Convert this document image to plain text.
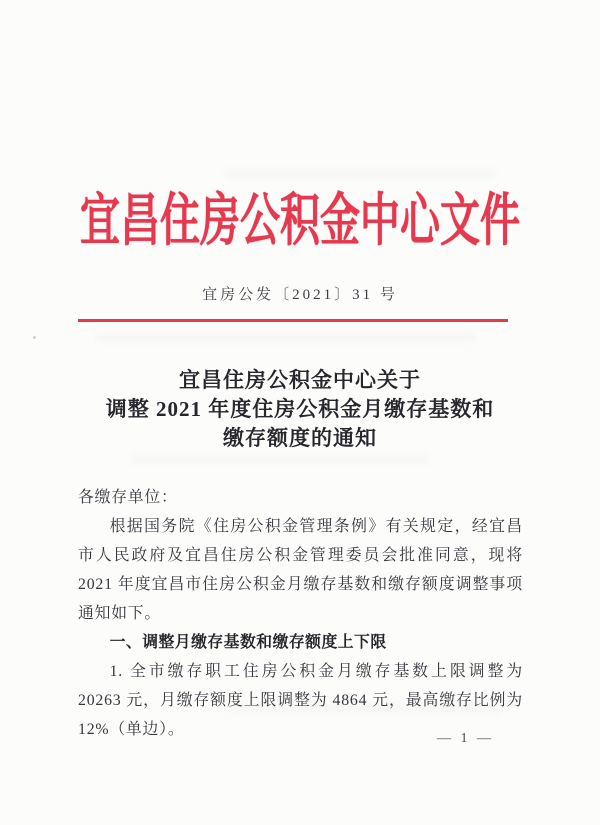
宜昌住房公积金中心文件
宜房公发〔2021〕31 号
宜昌住房公积金中心关于
调整 2021 年度住房公积金月缴存基数和
缴存额度的通知

各缴存单位：

根据国务院《住房公积金管理条例》有关规定，经宜昌市人民政府及宜昌住房公积金管理委员会批准同意，现将 2021 年度宜昌市住房公积金月缴存基数和缴存额度调整事项通知如下。

一、调整月缴存基数和缴存额度上下限

1. 全市缴存职工住房公积金月缴存基数上限调整为 20263 元，月缴存额度上限调整为 4864 元，最高缴存比例为 12%（单边）。

— 1 —
